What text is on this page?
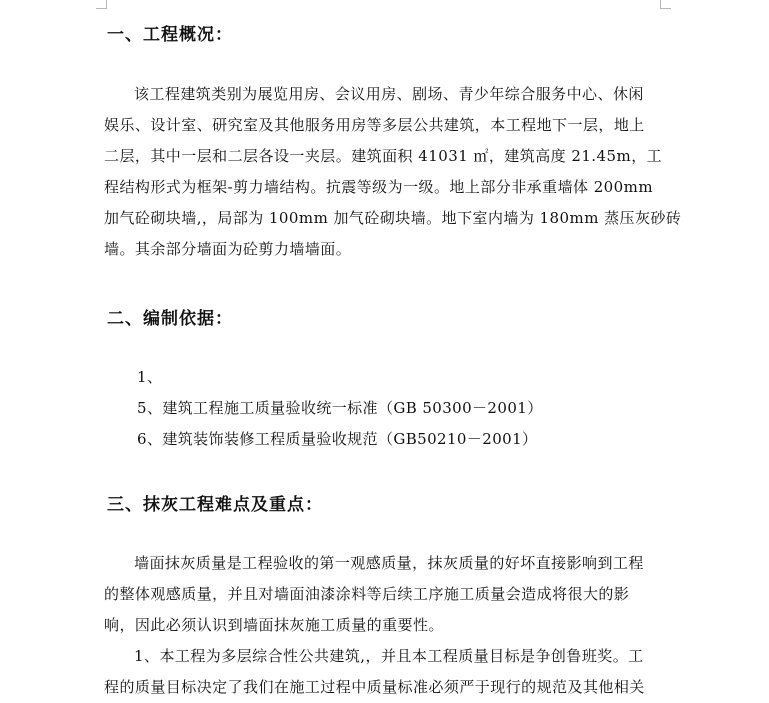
一、工程概况：
该工程建筑类别为展览用房、会议用房、剧场、青少年综合服务中心、休闲
娱乐、设计室、研究室及其他服务用房等多层公共建筑，本工程地下一层，地上
二层，其中一层和二层各设一夹层。建筑面积 41031 ㎡，建筑高度 21.45m，工
程结构形式为框架-剪力墙结构。抗震等级为一级。地上部分非承重墙体 200mm
加气砼砌块墙,，局部为 100mm 加气砼砌块墙。地下室内墙为 180mm 蒸压灰砂砖
墙。其余部分墙面为砼剪力墙墙面。
二、编制依据：
1、
5、建筑工程施工质量验收统一标准（GB 50300－2001）
6、建筑装饰装修工程质量验收规范（GB50210－2001）
三、抹灰工程难点及重点：
墙面抹灰质量是工程验收的第一观感质量，抹灰质量的好坏直接影响到工程
的整体观感质量，并且对墙面油漆涂料等后续工序施工质量会造成将很大的影
响，因此必须认识到墙面抹灰施工质量的重要性。
1、本工程为多层综合性公共建筑,，并且本工程质量目标是争创鲁班奖。工
程的质量目标决定了我们在施工过程中质量标准必须严于现行的规范及其他相关
